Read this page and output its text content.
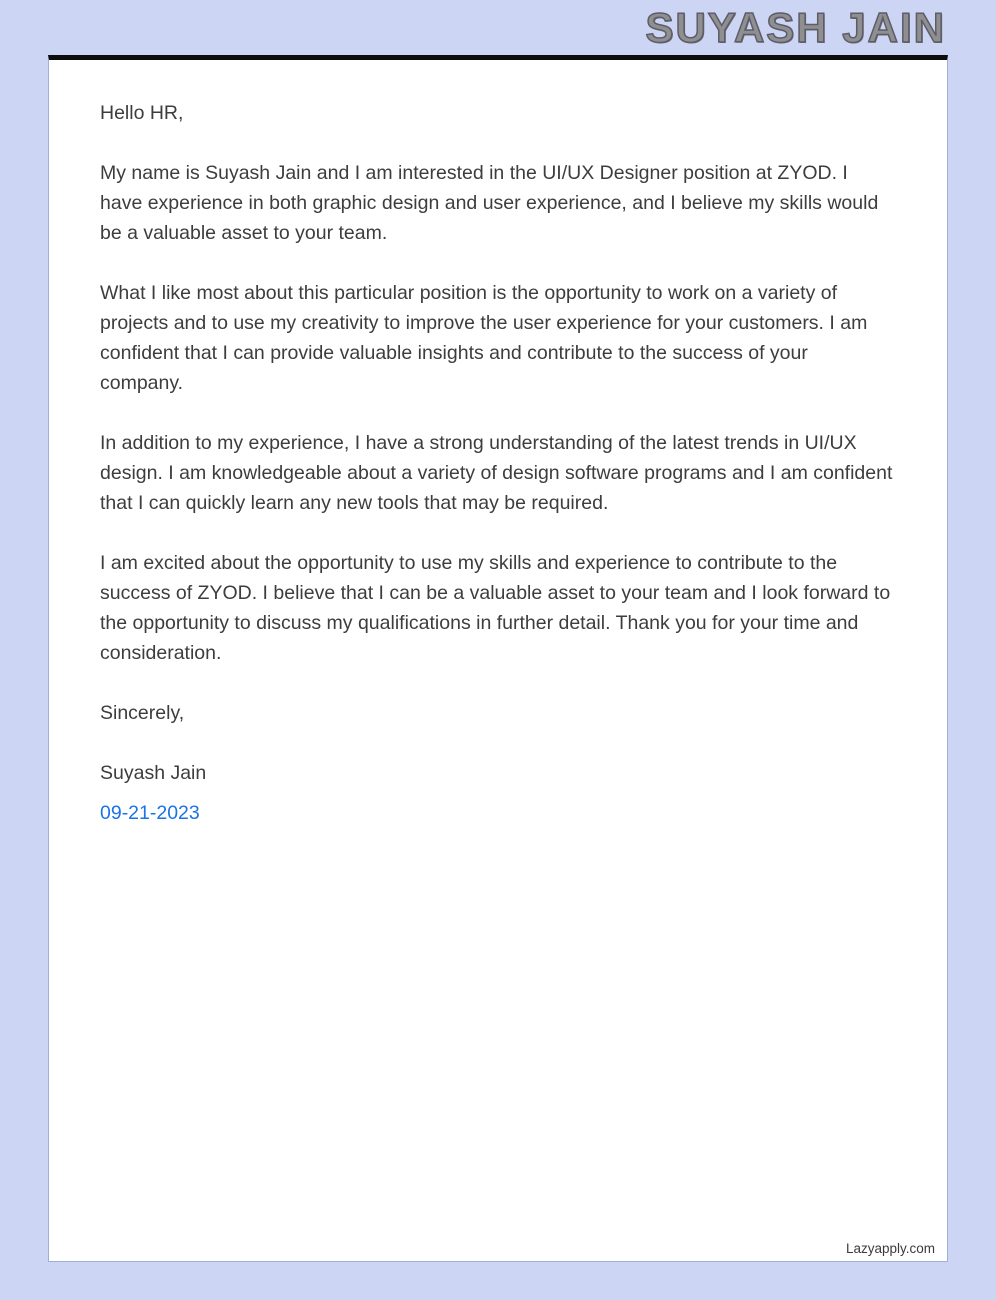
SUYASH JAIN

Hello HR,

My name is Suyash Jain and I am interested in the UI/UX Designer position at ZYOD. I have experience in both graphic design and user experience, and I believe my skills would be a valuable asset to your team.

What I like most about this particular position is the opportunity to work on a variety of projects and to use my creativity to improve the user experience for your customers. I am confident that I can provide valuable insights and contribute to the success of your company.

In addition to my experience, I have a strong understanding of the latest trends in UI/UX design. I am knowledgeable about a variety of design software programs and I am confident that I can quickly learn any new tools that may be required.

I am excited about the opportunity to use my skills and experience to contribute to the success of ZYOD. I believe that I can be a valuable asset to your team and I look forward to the opportunity to discuss my qualifications in further detail. Thank you for your time and consideration.

Sincerely,

Suyash Jain

09-21-2023

Lazyapply.com
